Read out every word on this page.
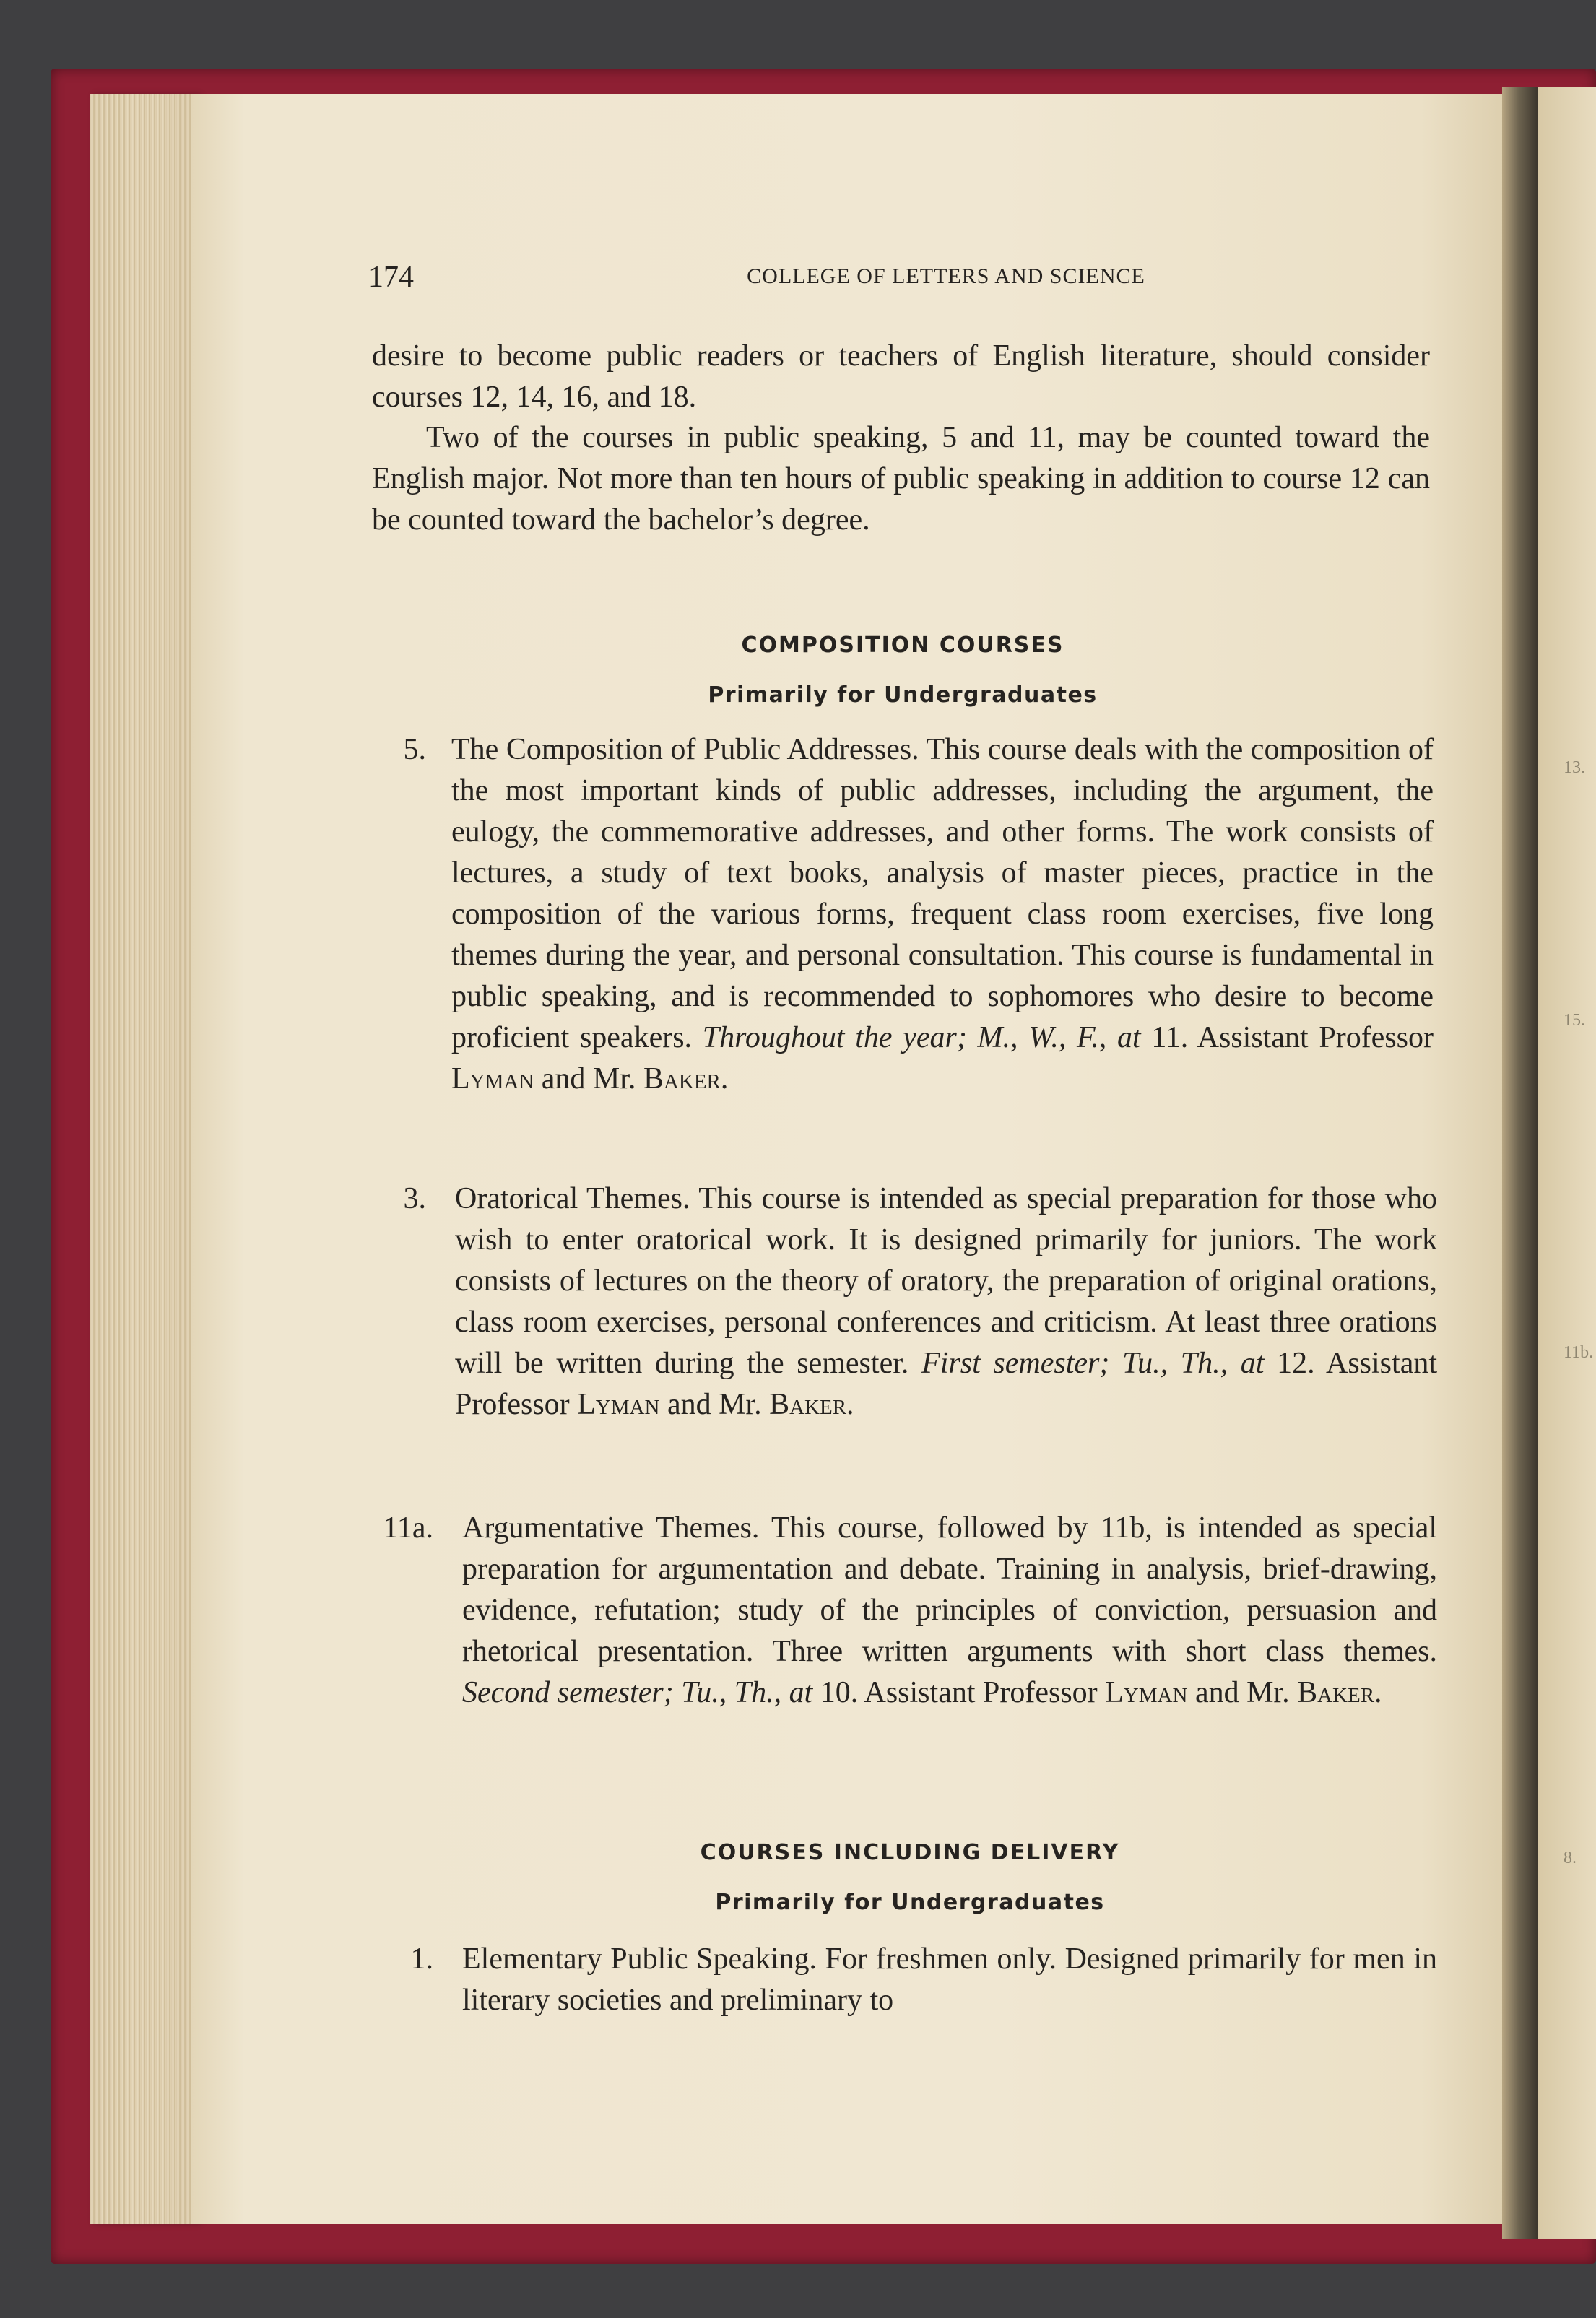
13.
15.
11b.
8.
174	COLLEGE OF LETTERS AND SCIENCE

desire to become public readers or teachers of English literature, should consider courses 12, 14, 16, and 18.

Two of the courses in public speaking, 5 and 11, may be counted toward the English major. Not more than ten hours of public speaking in addition to course 12 can be counted toward the bachelor’s degree.

COMPOSITION COURSES
Primarily for Undergraduates
5. The Composition of Public Addresses. This course deals with the composition of the most important kinds of public addresses, including the argument, the eulogy, the commemorative addresses, and other forms. The work consists of lectures, a study of text books, analysis of master pieces, practice in the composition of the various forms, frequent class room exercises, five long themes during the year, and personal consultation. This course is fundamental in public speaking, and is recommended to sophomores who desire to become proficient speakers. Throughout the year; M., W., F., at 11. Assistant Professor Lyman and Mr. Baker.

3. Oratorical Themes. This course is intended as special preparation for those who wish to enter oratorical work. It is designed primarily for juniors. The work consists of lectures on the theory of oratory, the preparation of original orations, class room exercises, personal conferences and criticism. At least three orations will be written during the semester. First semester; Tu., Th., at 12. Assistant Professor Lyman and Mr. Baker.

11a. Argumentative Themes. This course, followed by 11b, is intended as special preparation for argumentation and debate. Training in analysis, brief-drawing, evidence, refutation; study of the principles of conviction, persuasion and rhetorical presentation. Three written arguments with short class themes. Second semester; Tu., Th., at 10. Assistant Professor Lyman and Mr. Baker.

COURSES INCLUDING DELIVERY
Primarily for Undergraduates
1. Elementary Public Speaking. For freshmen only. Designed primarily for men in literary societies and preliminary to
